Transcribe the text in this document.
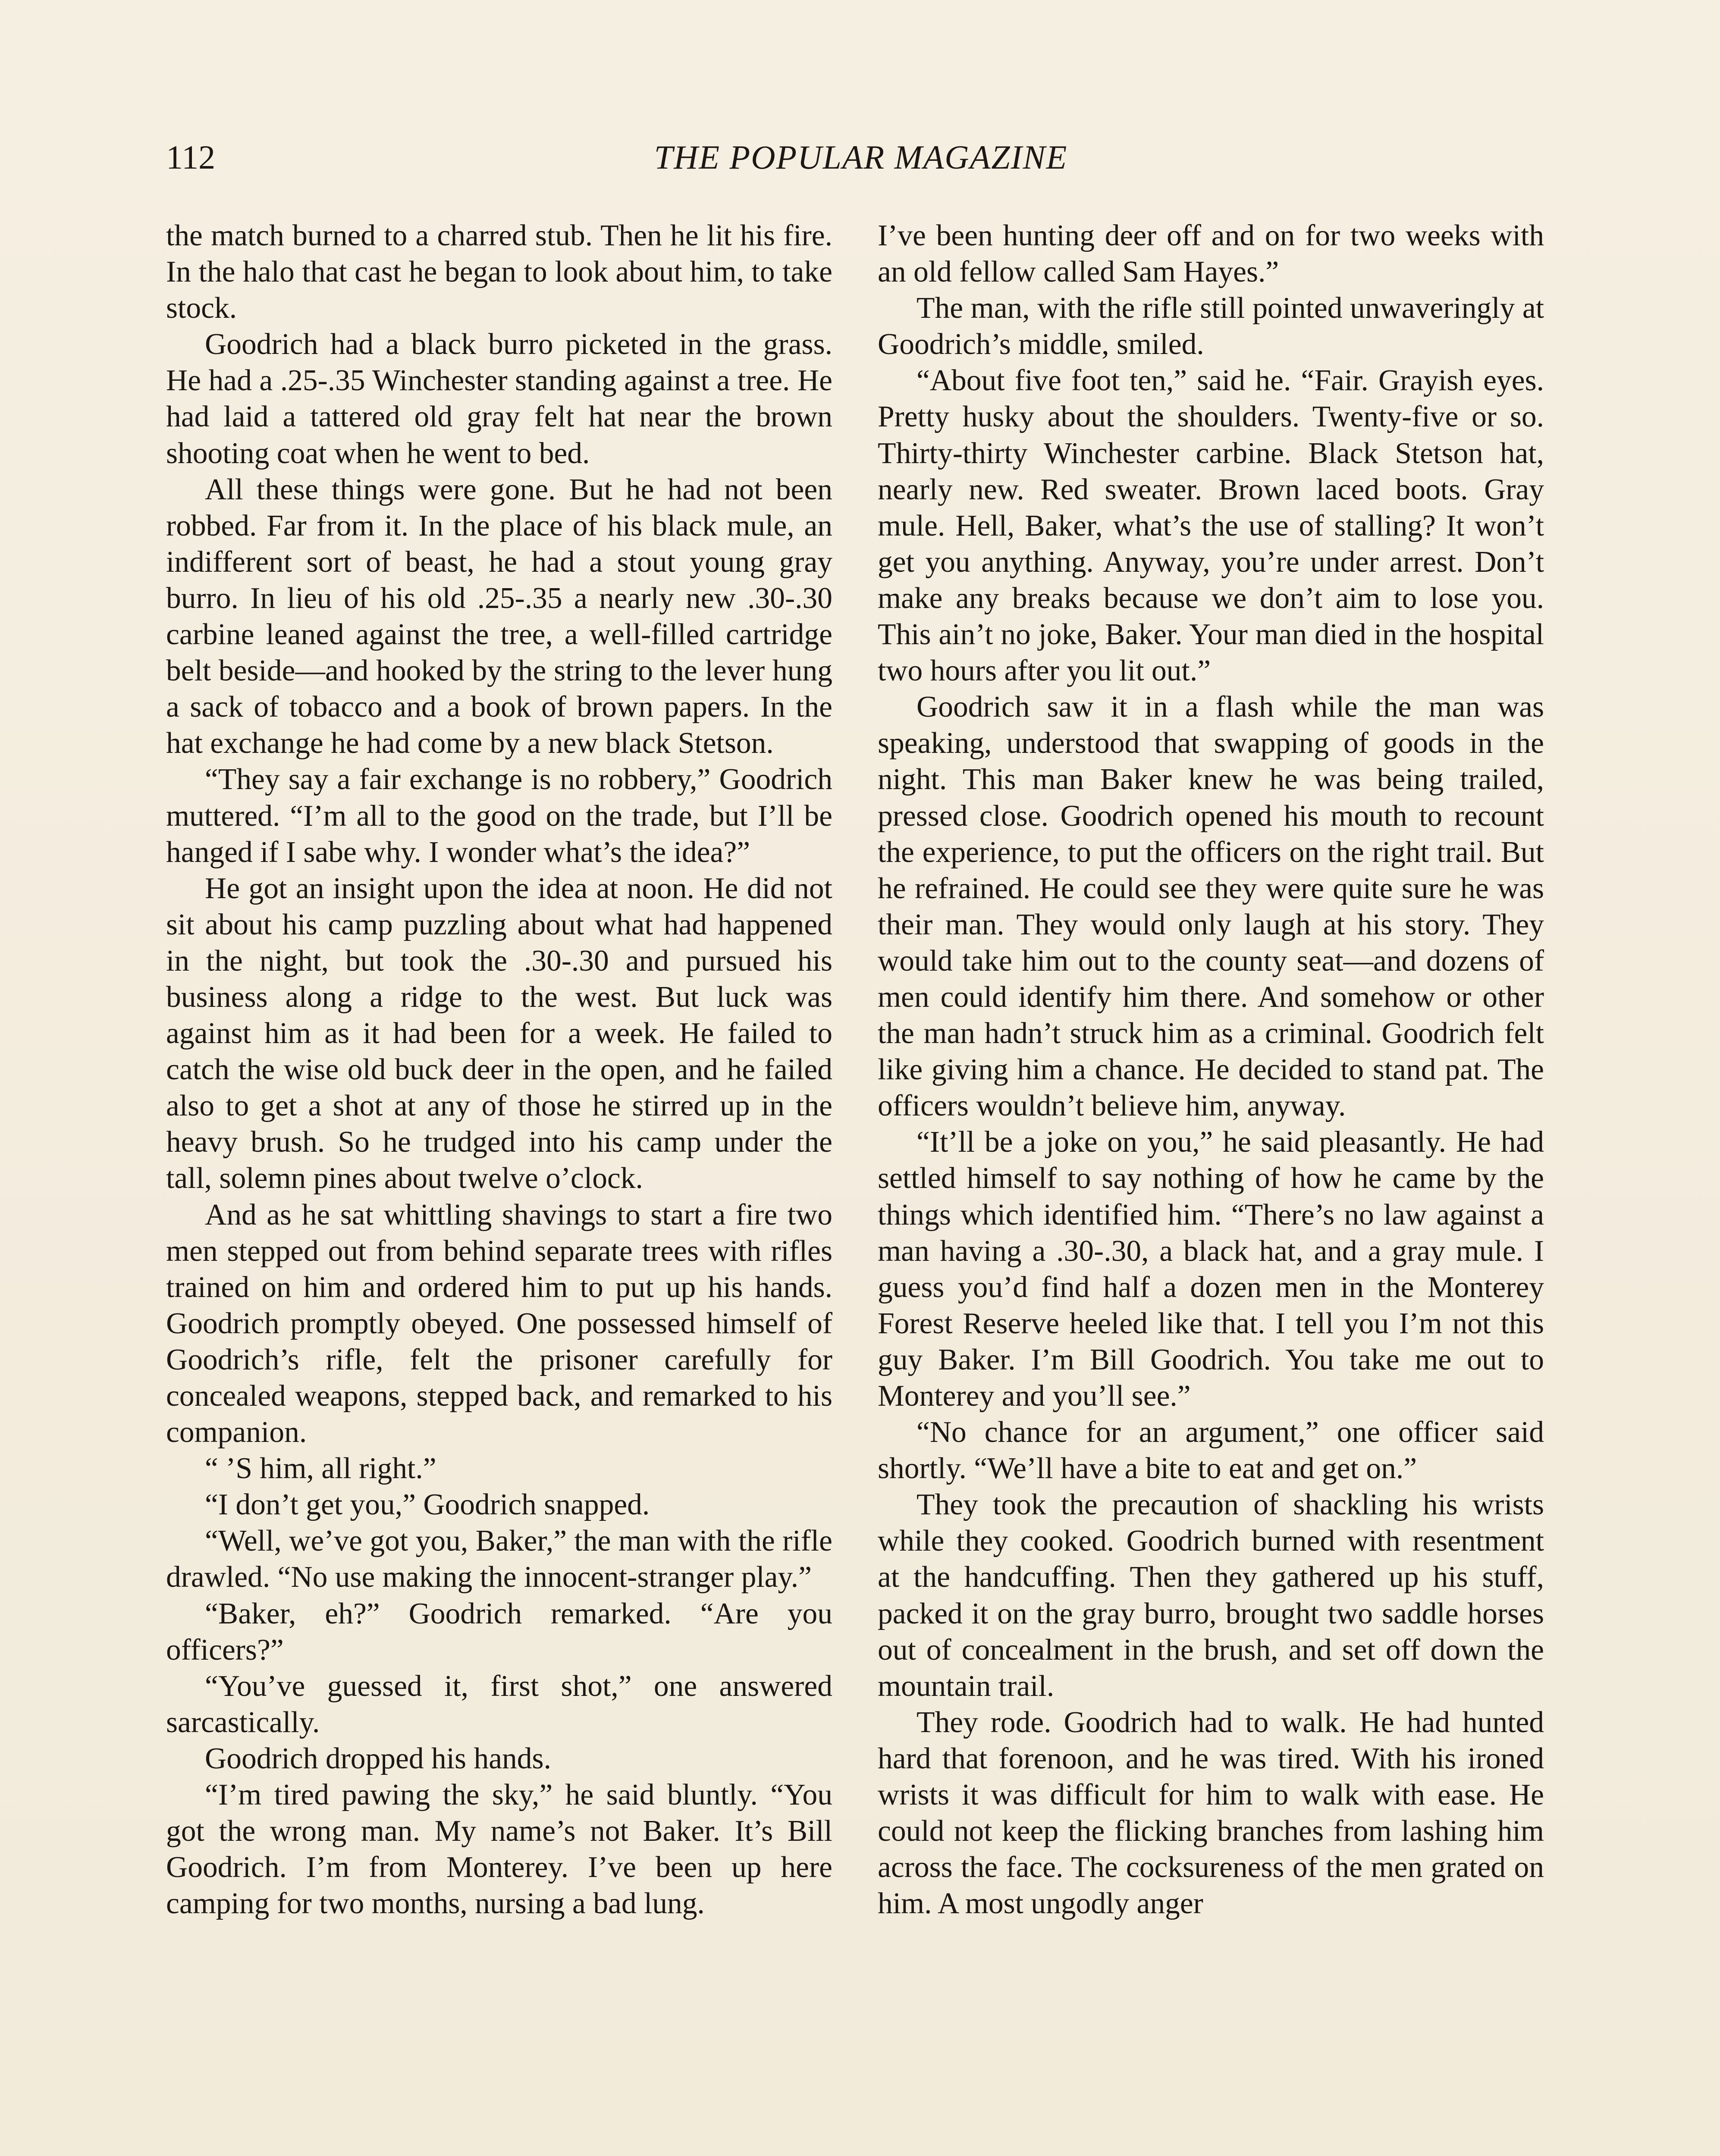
112	THE POPULAR MAGAZINE

the match burned to a charred stub. Then he lit his fire. In the halo that cast he began to look about him, to take stock.

Goodrich had a black burro picketed in the grass. He had a .25-.35 Winchester standing against a tree. He had laid a tattered old gray felt hat near the brown shooting coat when he went to bed.

All these things were gone. But he had not been robbed. Far from it. In the place of his black mule, an indifferent sort of beast, he had a stout young gray burro. In lieu of his old .25-.35 a nearly new .30-.30 carbine leaned against the tree, a well-filled cartridge belt beside—and hooked by the string to the lever hung a sack of tobacco and a book of brown papers. In the hat exchange he had come by a new black Stetson.

“They say a fair exchange is no robbery,” Goodrich muttered. “I’m all to the good on the trade, but I’ll be hanged if I sabe why. I wonder what’s the idea?”

He got an insight upon the idea at noon. He did not sit about his camp puzzling about what had happened in the night, but took the .30-.30 and pursued his business along a ridge to the west. But luck was against him as it had been for a week. He failed to catch the wise old buck deer in the open, and he failed also to get a shot at any of those he stirred up in the heavy brush. So he trudged into his camp under the tall, solemn pines about twelve o’clock.

And as he sat whittling shavings to start a fire two men stepped out from behind separate trees with rifles trained on him and ordered him to put up his hands. Goodrich promptly obeyed. One possessed himself of Goodrich’s rifle, felt the prisoner carefully for concealed weapons, stepped back, and remarked to his companion.

“ ’S him, all right.”

“I don’t get you,” Goodrich snapped.

“Well, we’ve got you, Baker,” the man with the rifle drawled. “No use making the innocent-stranger play.”

“Baker, eh?” Goodrich remarked. “Are you officers?”

“You’ve guessed it, first shot,” one answered sarcastically.

Goodrich dropped his hands.

“I’m tired pawing the sky,” he said bluntly. “You got the wrong man. My name’s not Baker. It’s Bill Goodrich. I’m from Monterey. I’ve been up here camping for two months, nursing a bad lung.

I’ve been hunting deer off and on for two weeks with an old fellow called Sam Hayes.”

The man, with the rifle still pointed unwaveringly at Goodrich’s middle, smiled.

“About five foot ten,” said he. “Fair. Grayish eyes. Pretty husky about the shoulders. Twenty-five or so. Thirty-thirty Winchester carbine. Black Stetson hat, nearly new. Red sweater. Brown laced boots. Gray mule. Hell, Baker, what’s the use of stalling? It won’t get you anything. Anyway, you’re under arrest. Don’t make any breaks because we don’t aim to lose you. This ain’t no joke, Baker. Your man died in the hospital two hours after you lit out.”

Goodrich saw it in a flash while the man was speaking, understood that swapping of goods in the night. This man Baker knew he was being trailed, pressed close. Goodrich opened his mouth to recount the experience, to put the officers on the right trail. But he refrained. He could see they were quite sure he was their man. They would only laugh at his story. They would take him out to the county seat—and dozens of men could identify him there. And somehow or other the man hadn’t struck him as a criminal. Goodrich felt like giving him a chance. He decided to stand pat. The officers wouldn’t believe him, anyway.

“It’ll be a joke on you,” he said pleasantly. He had settled himself to say nothing of how he came by the things which identified him. “There’s no law against a man having a .30-.30, a black hat, and a gray mule. I guess you’d find half a dozen men in the Monterey Forest Reserve heeled like that. I tell you I’m not this guy Baker. I’m Bill Goodrich. You take me out to Monterey and you’ll see.”

“No chance for an argument,” one officer said shortly. “We’ll have a bite to eat and get on.”

They took the precaution of shackling his wrists while they cooked. Goodrich burned with resentment at the handcuffing. Then they gathered up his stuff, packed it on the gray burro, brought two saddle horses out of concealment in the brush, and set off down the mountain trail.

They rode. Goodrich had to walk. He had hunted hard that forenoon, and he was tired. With his ironed wrists it was difficult for him to walk with ease. He could not keep the flicking branches from lashing him across the face. The cocksureness of the men grated on him. A most ungodly anger
